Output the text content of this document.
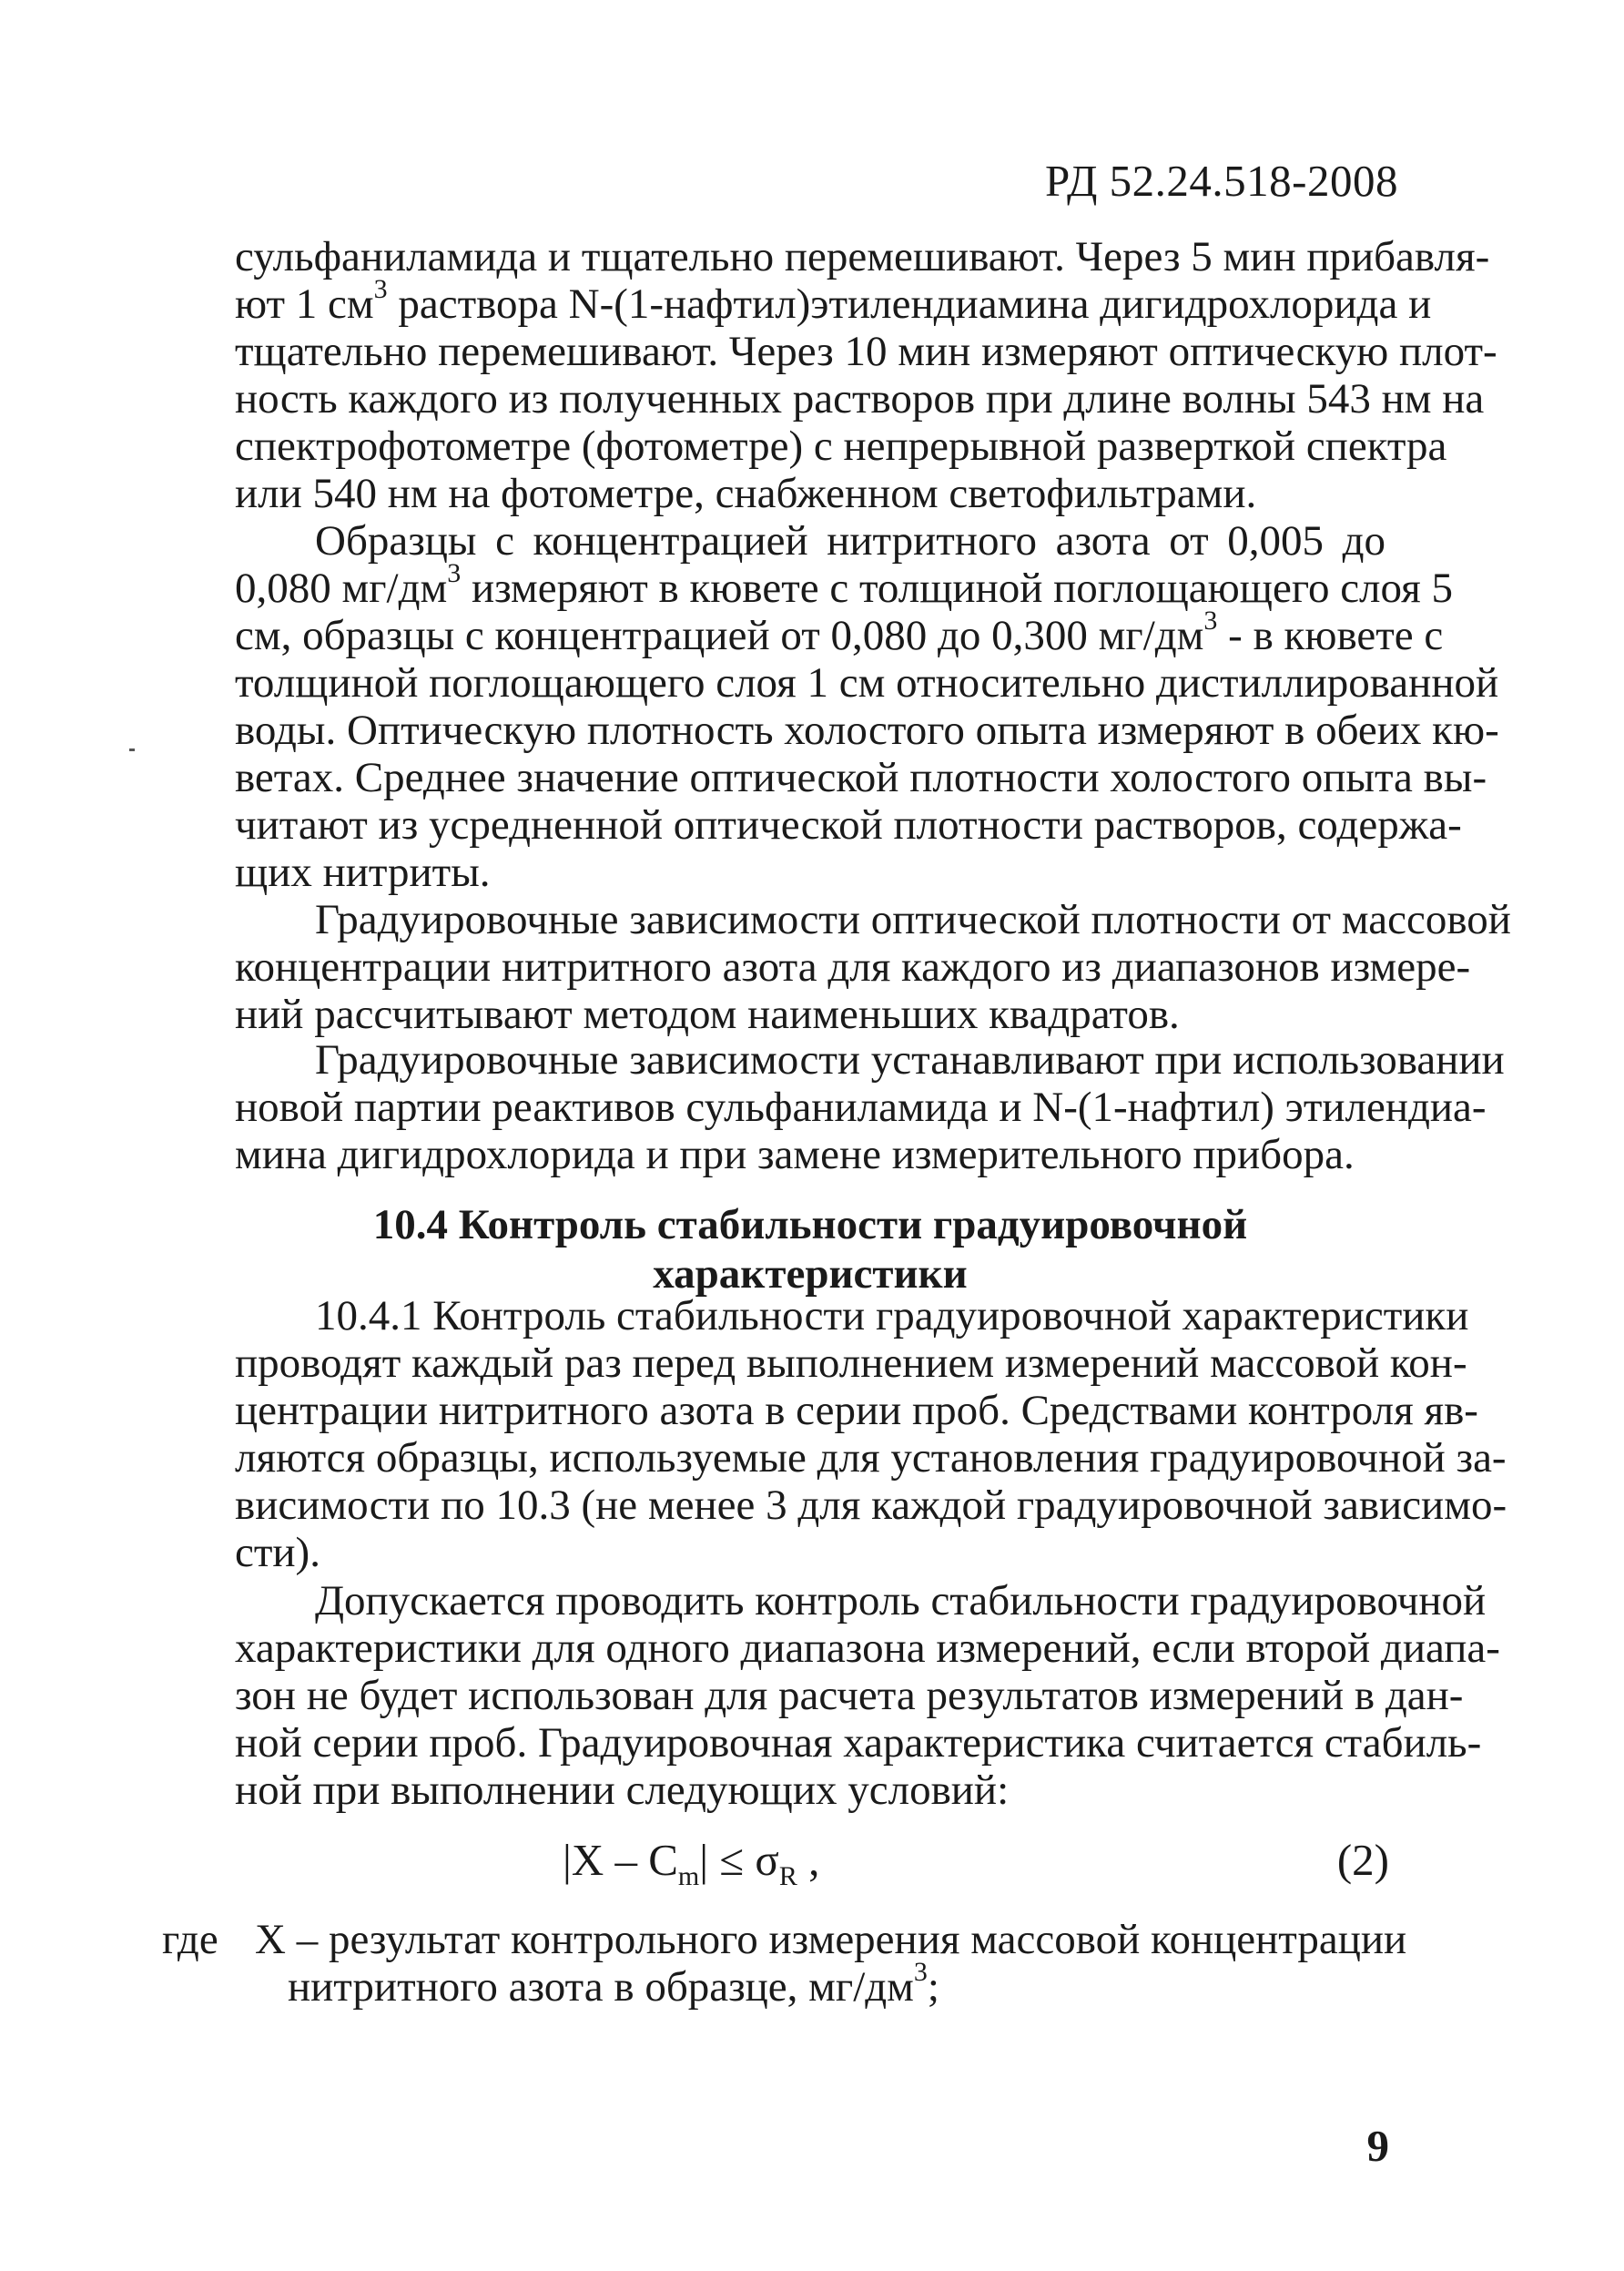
РД 52.24.518-2008
сульфаниламида и тщательно перемешивают. Через 5 мин прибавля-
ют 1 $см^3$ раствора N-(1-нафтил)этилендиамина дигидрохлорида и
тщательно перемешивают. Через 10 мин измеряют оптическую плот-
ность каждого из полученных растворов при длине волны 543 нм на
спектрофотометре (фотометре) с непрерывной разверткой спектра
или 540 нм на фотометре, снабженном светофильтрами.
Образцы с концентрацией нитритного азота от 0,005 до
0,080 $мг/дм^3$ измеряют в кювете с толщиной поглощающего слоя 5
см, образцы с концентрацией от 0,080 до 0,300 $мг/дм^3$ - в кювете с
толщиной поглощающего слоя 1 см относительно дистиллированной
воды. Оптическую плотность холостого опыта измеряют в обеих кю-
ветах. Среднее значение оптической плотности холостого опыта вы-
читают из усредненной оптической плотности растворов, содержа-
щих нитриты.
Градуировочные зависимости оптической плотности от массовой
концентрации нитритного азота для каждого из диапазонов измере-
ний рассчитывают методом наименьших квадратов.
Градуировочные зависимости устанавливают при использовании
новой партии реактивов сульфаниламида и N-(1-нафтил) этилендиа-
мина дигидрохлорида и при замене измерительного прибора.
10.4 Контроль стабильности градуировочной характеристики
10.4.1 Контроль стабильности градуировочной характеристики
проводят каждый раз перед выполнением измерений массовой кон-
центрации нитритного азота в серии проб. Средствами контроля яв-
ляются образцы, используемые для установления градуировочной за-
висимости по 10.3 (не менее 3 для каждой градуировочной зависимо-
сти).
Допускается проводить контроль стабильности градуировочной
характеристики для одного диапазона измерений, если второй диапа-
зон не будет использован для расчета результатов измерений в дан-
ной серии проб. Градуировочная характеристика считается стабиль-
ной при выполнении следующих условий:
$|X - C_m| \le \sigma_R$ ,	(2)
где X – результат контрольного измерения массовой концентрации
нитритного азота в образце, $мг/дм^3$;
9
